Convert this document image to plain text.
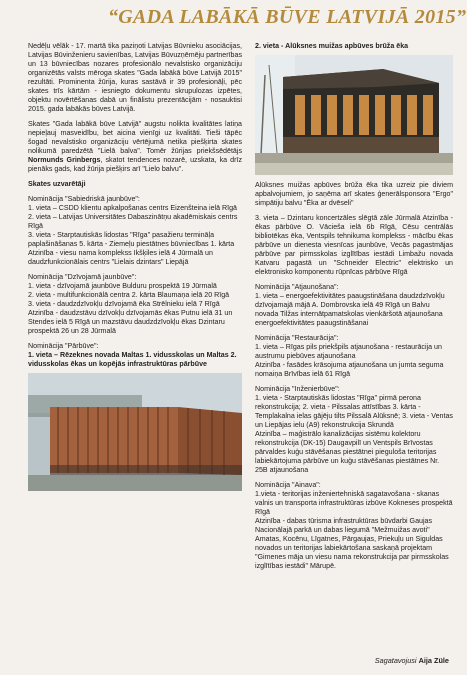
“GADA LABĀKĀ BŪVE LATVIJĀ 2015”

Nedēļu vēlāk - 17. martā tika paziņoti Latvijas Būvnieku asociācijas, Latvijas Būvinženieru savienības, Latvijas Būvuzņēmēju partnerības un 13 būvniecības nozares profesionālo nevalstisko organizāciju organizētās valsts mēroga skates "Gada labākā būve Latvijā 2015" rezultāti. Prominenta žūrija, kuras sastāvā ir 39 profesionāļi, pēc skates trīs kārtām - iesniegto dokumentu skrupulozas izpētes, objektu novērtēšanas dabā un finālistu prezentācijām - nosauktisi 2015. gada labākās būves Latvijā.

Skates "Gada labākā būve Latvijā" augstu nolikta kvalitātes latiņa nepieļauj masveidību, bet aicina vienīgi uz kvalitāti. Tieši tāpēc šogad nevalstisko organizāciju vērtējumā netika piešķirta skates nolikumā paredzētā "Lielā balva". Tomēr žūrijas priekšsēdētājs Normunds Grinbergs, skatot tendences nozarē, uzskata, ka drīz pienāks gads, kad žūrija piešķirs arī "Lielo balvu".

Skates uzvarētāji
Nominācija "Sabiedriskā jaunbūve":
1. vieta – CSDD klientu apkalpošanas centrs Eizenšteina ielā Rīgā
2. vieta – Latvijas Universitātes Dabaszinātņu akadēmiskais centrs Rīgā
3. vieta - Starptautiskās lidostas "Rīga" pasažieru termināļa paplašināšanas 5. kārta - Ziemeļu piestātnes būvniecības 1. kārta
Atzinība - viesu nama komplekss Ikšķiles ielā 4 Jūrmalā un daudzfunkcionālais centrs "Lielais dzintars" Liepājā
Nominācija "Dzīvojamā jaunbūve":
1. vieta - dzīvojamā jaunbūve Bulduru prospektā 19 Jūrmalā
2. vieta - multifunkcionālā centra 2. kārta Blaumaņa ielā 20 Rīgā
3. vieta - daudzdzīvokļu dzīvojamā ēka Strēlnieku ielā 7 Rīgā
Atzinība - daudzstāvu dzīvokļu dzīvojamās ēkas Putnu ielā 31 un Stendes ielā 5 Rīgā un mazstāvu daudzdzīvokļu ēkas Dzintaru prospektā 26 un 28 Jūrmalā
Nominācija "Pārbūve":
1. vieta – Rēzeknes novada Maltas 1. vidusskolas un Maltas 2. vidusskolas ēkas un kopējās infrastruktūras pārbūve
2. vieta - Alūksnes muižas apbūves brūža ēka

Alūksnes muižas apbūves brūža ēka tika uzreiz pie diviem apbalvojumiem, jo saņēma arī skates ģenerālsponsora "Ergo" simpātiju balvu "Ēka ar dvēseli"

3. vieta – Dzintaru koncertzāles slēgtā zāle Jūrmalā Atzinība - ēkas pārbūve O. Vācieša ielā 6b Rīgā, Cēsu centrālās bibliotēkas ēka, Ventspils tehnikuma komplekss - mācību ēkas pārbūve un dienesta viesnīcas jaunbūve, Vecās pagastmājas pārbūve par pirmsskolas izglītības iestādi Limbažu novada Katvaru pagastā un "Schneider Electric" elektrisko un elektronisko komponentu rūpnīcas pārbūve Rīgā

Nominācija "Atjaunošana":
1. vieta – energoefektivitātes paaugstināšana daudzdzīvokļu dzīvojamajā mājā A. Dombrovska ielā 49 Rīgā un Balvu novada Tilžas internātpamatskolas vienkāršotā atjaunošana energoefektivitātes paaugstināšanai
Nominācija "Restaurācija":
1. vieta – Rīgas pils priekšpils atjaunošana - restaurācija un austrumu piebūves atjaunošana
Atzinība - fasādes krāsojuma atjaunošana un jumta seguma nomaiņa Brīvības ielā 61 Rīgā
Nominācija "Inženierbūve":
1. vieta - Starptautiskās lidostas "Rīga" pirmā perona rekonstrukcija; 2. vieta - Pilssalas attīstības 3. kārta - Templakalna ielas gājēju tilts Pilssalā Alūksnē; 3. vieta - Ventas un Liepājas ielu (A9) rekonstrukcija Skrundā
Atzinība – maģistrālo kanalizācijas sistēmu kolektoru rekonstrukcija (DK-15) Daugavpilī un Ventspils Brīvostas pārvaldes kuģu stāvēšanas piestātnei pieguloša teritorijas labiekārtojuma pārbūve un kuģu stāvēšanas piestātnes Nr. 25B atjaunošana
Nominācija "Ainava":
1.vieta - teritorijas inženiertehniskā sagatavošana - skanas valnis un transporta infrastruktūras izbūve Kokneses prospektā Rīgā
Atzinība - dabas tūrisma infrastruktūras būvdarbi Gaujas Nacionālajā parkā un dabas liegumā "Mežmuižas avoti" Amatas, Kocēnu, Līgatnes, Pārgaujas, Priekuļu un Siguldas novados un teritorijas labiekārtošana saskaņā projektam "Gimenes māja un viesu nama rekonstrukcija par pirmsskolas izglītības iestādi" Mārupē.
Sagatavojusi Aija Züle
